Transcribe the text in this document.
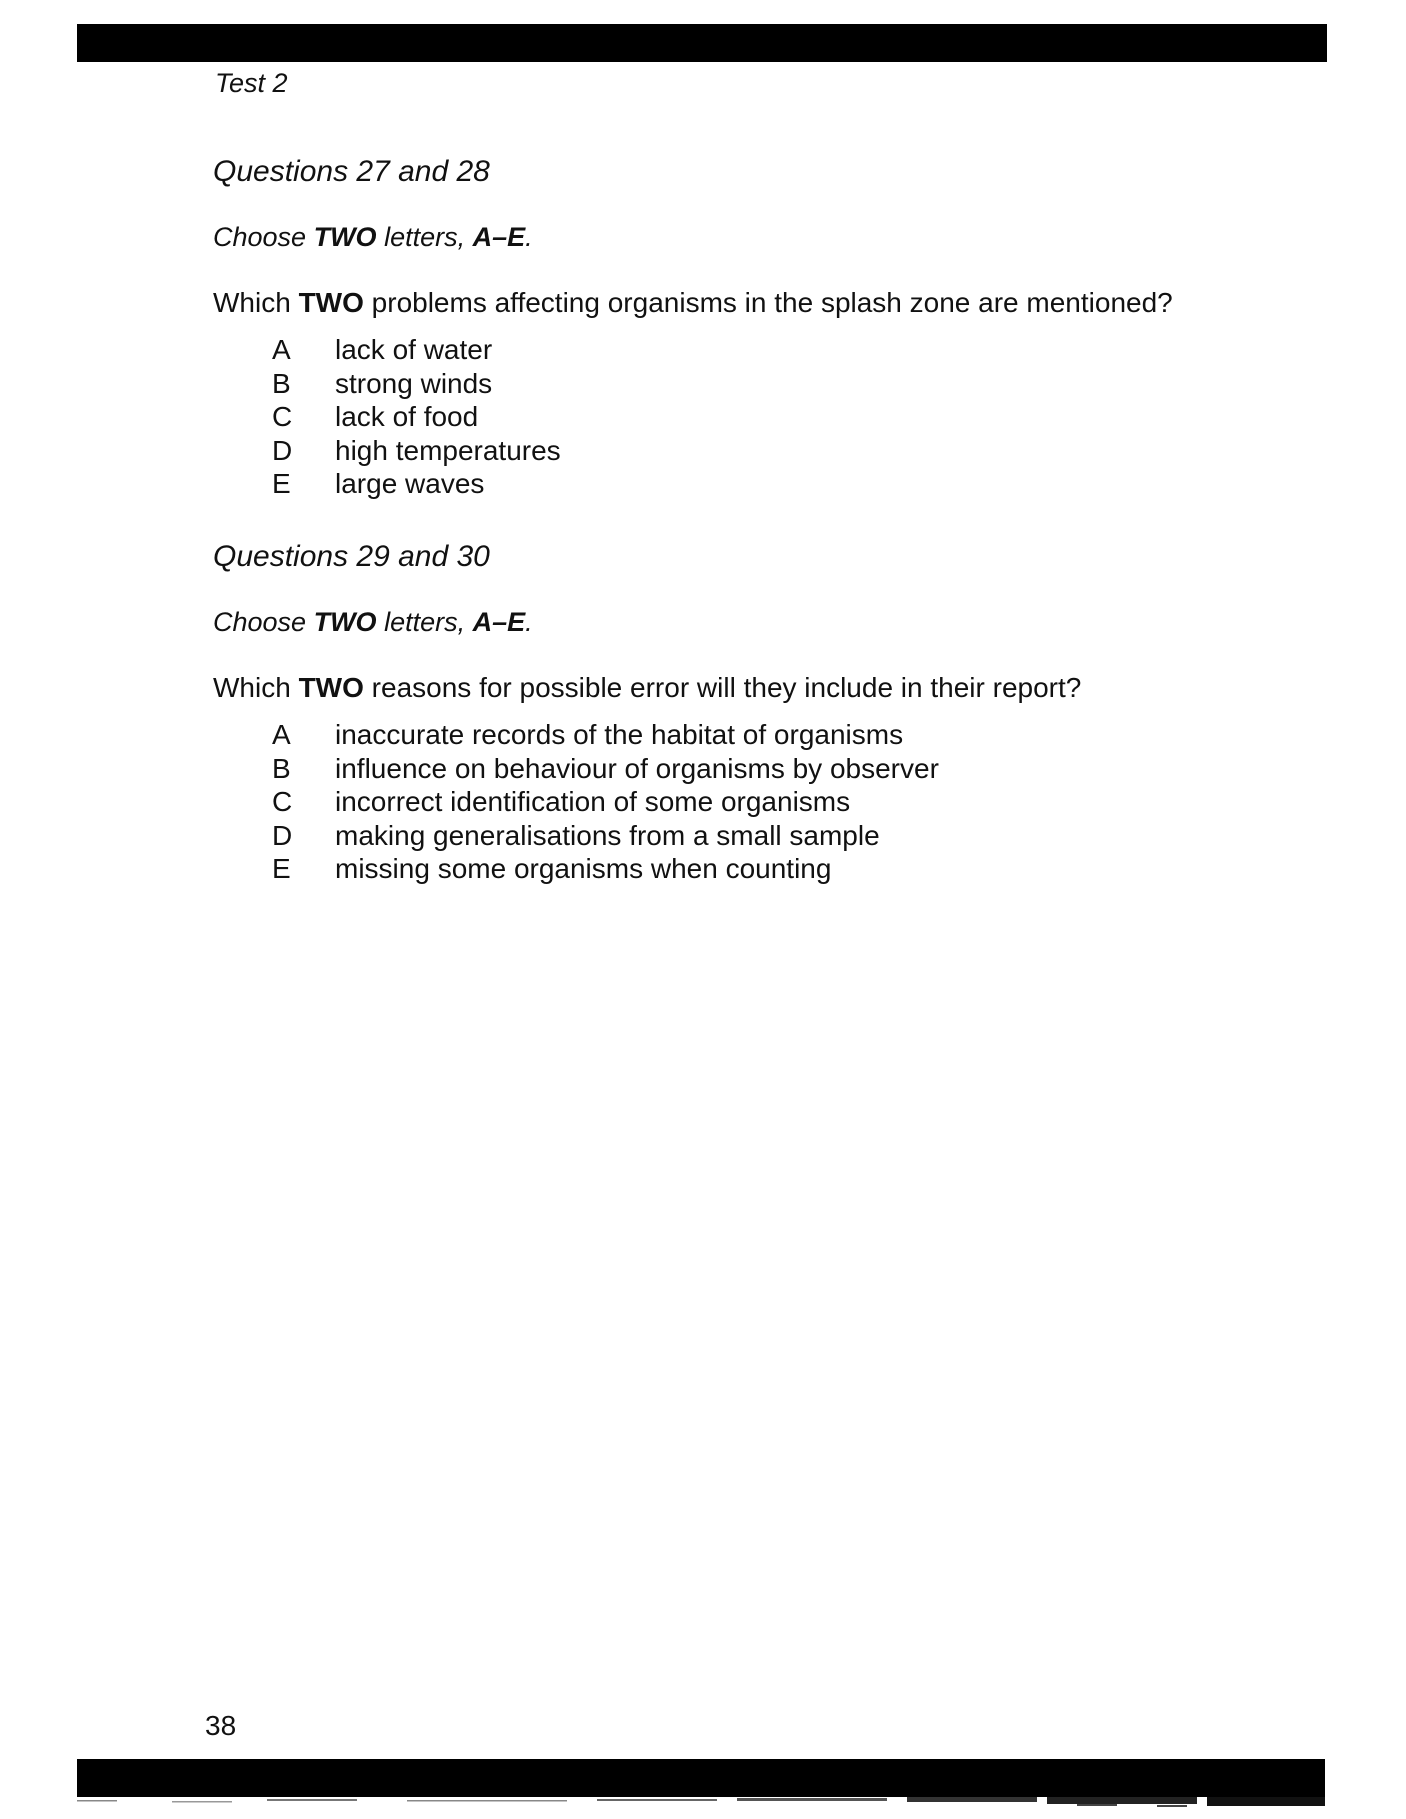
Test 2

Questions 27 and 28

Choose TWO letters, A–E.

Which TWO problems affecting organisms in the splash zone are mentioned?

A	lack of water
B	strong winds
C	lack of food
D	high temperatures
E	large waves

Questions 29 and 30

Choose TWO letters, A–E.

Which TWO reasons for possible error will they include in their report?

A	inaccurate records of the habitat of organisms
B	influence on behaviour of organisms by observer
C	incorrect identification of some organisms
D	making generalisations from a small sample
E	missing some organisms when counting
38
